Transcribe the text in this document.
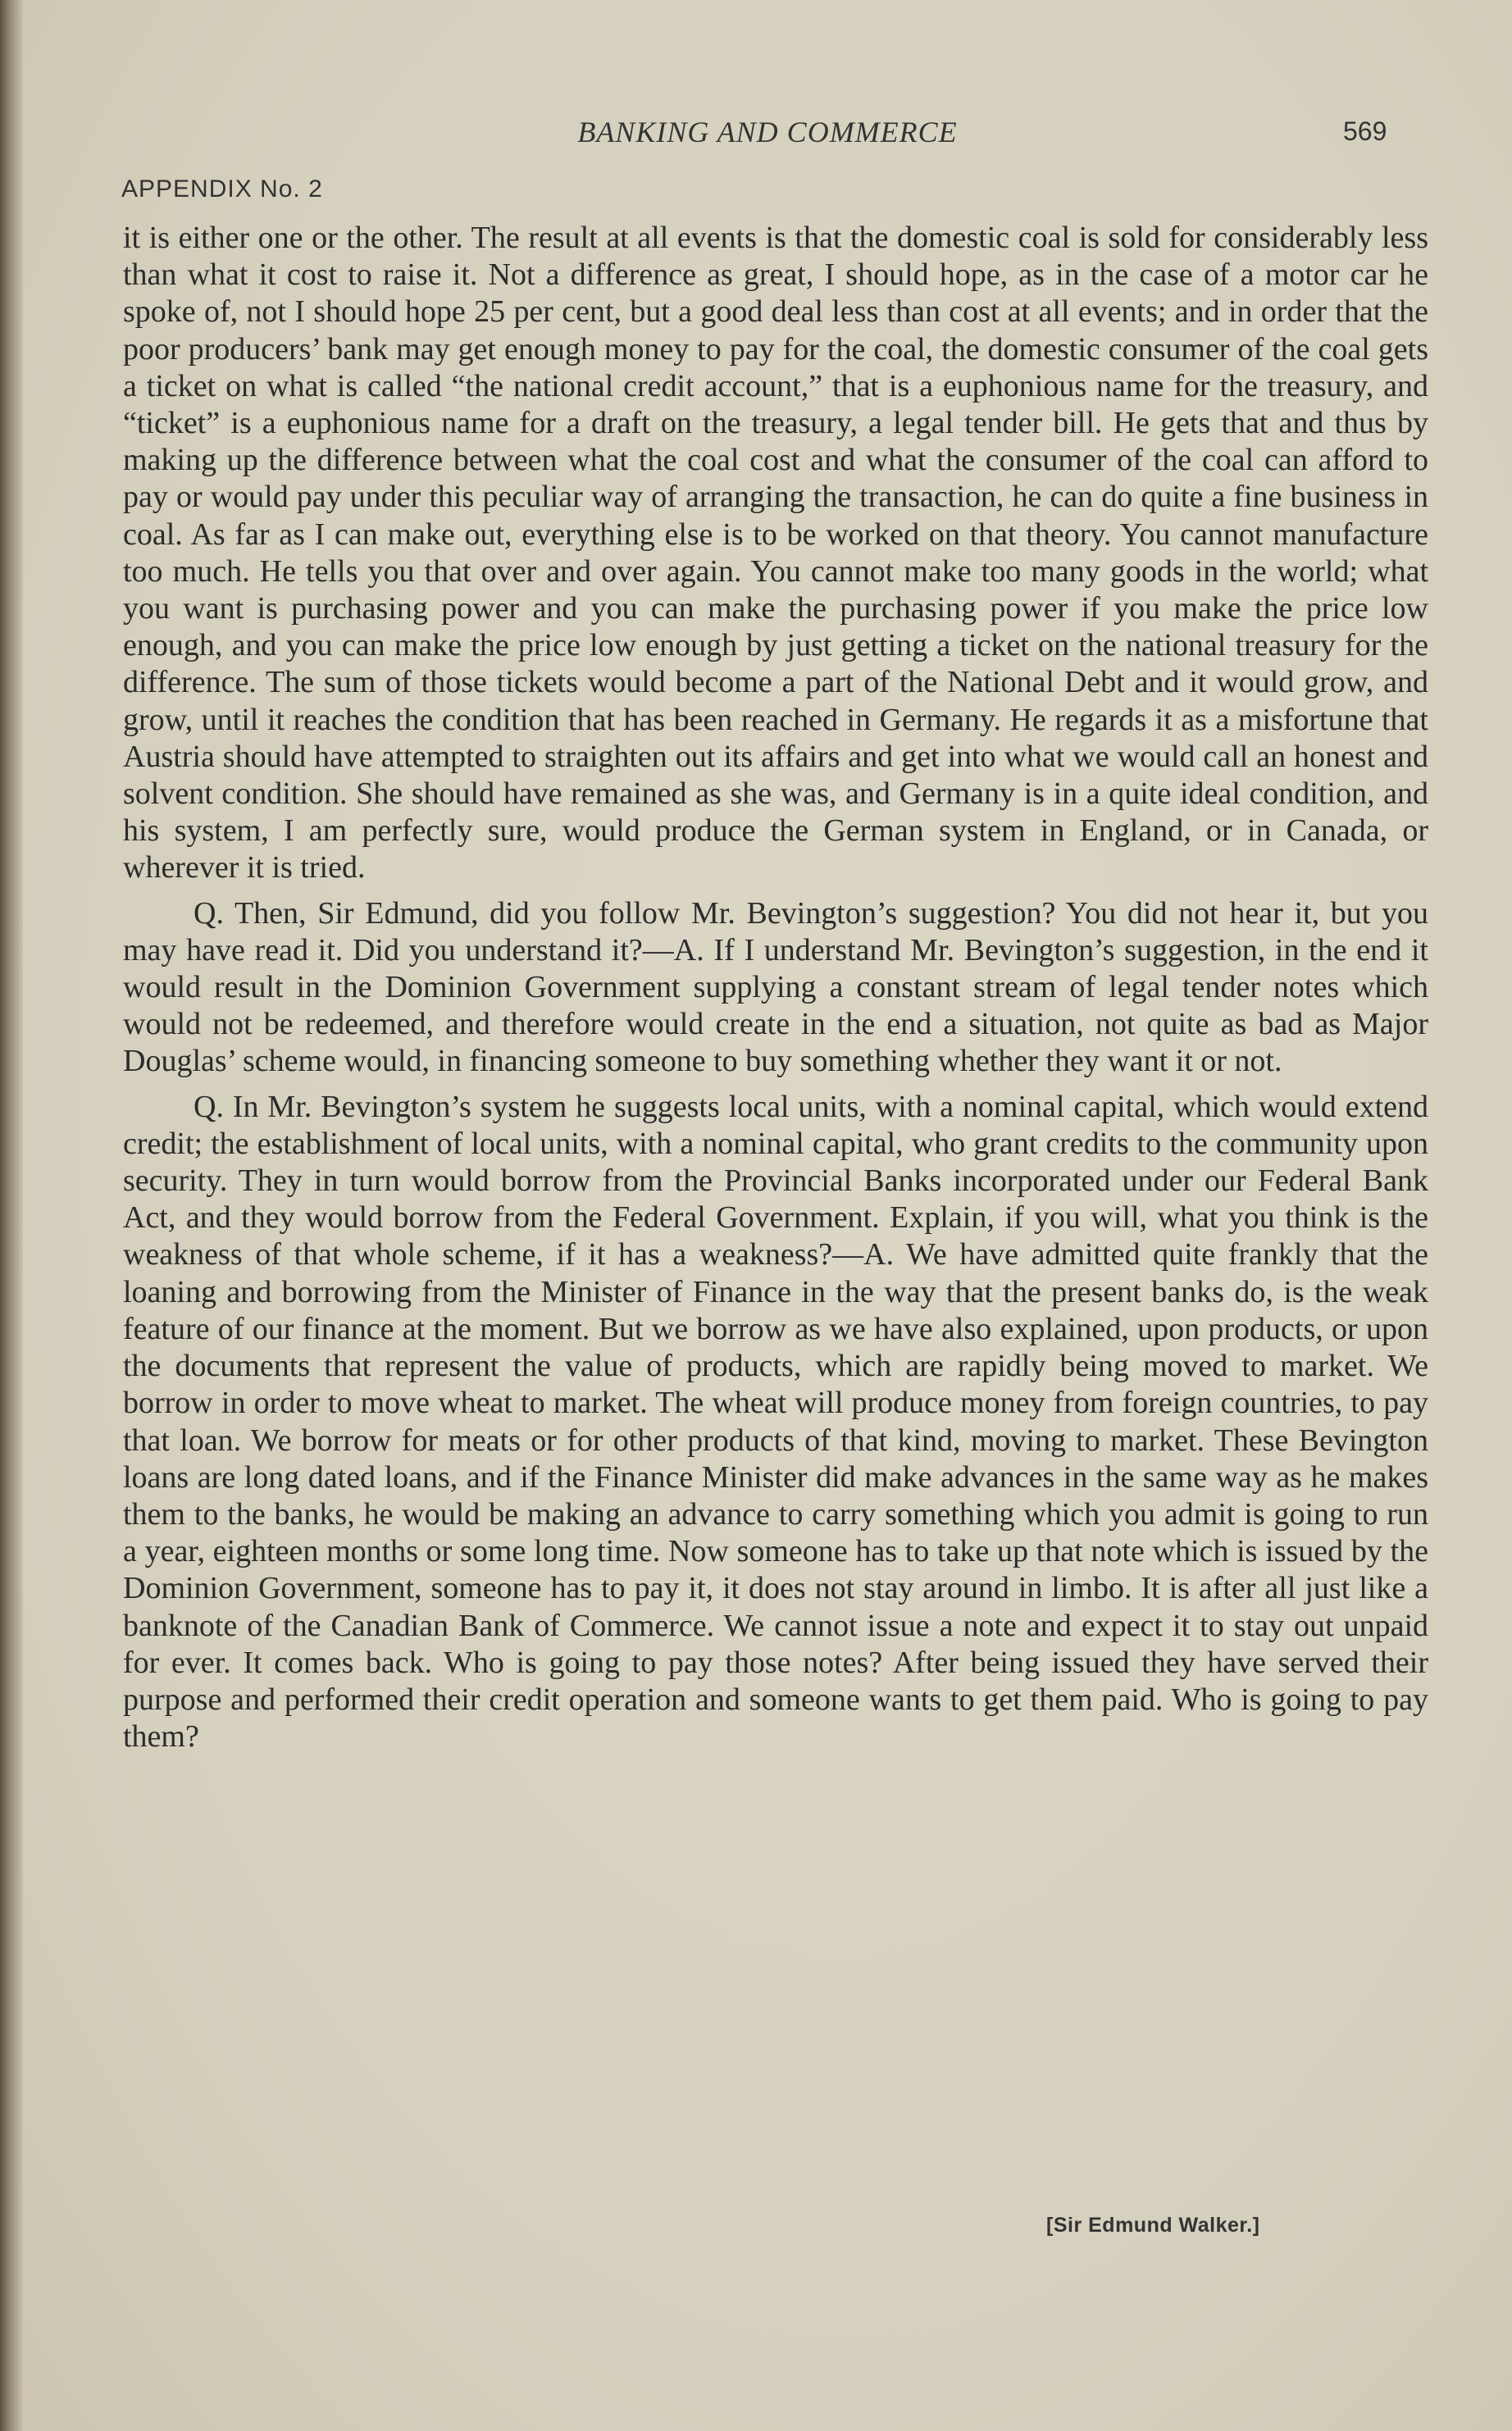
BANKING AND COMMERCE	569
APPENDIX No. 2

it is either one or the other. The result at all events is that the domestic coal is sold for considerably less than what it cost to raise it. Not a difference as great, I should hope, as in the case of a motor car he spoke of, not I should hope 25 per cent, but a good deal less than cost at all events; and in order that the poor producers’ bank may get enough money to pay for the coal, the domestic consumer of the coal gets a ticket on what is called “the national credit account,” that is a euphonious name for the treasury, and “ticket” is a euphonious name for a draft on the treasury, a legal tender bill. He gets that and thus by making up the difference between what the coal cost and what the consumer of the coal can afford to pay or would pay under this peculiar way of arranging the transaction, he can do quite a fine business in coal. As far as I can make out, everything else is to be worked on that theory. You cannot manufacture too much. He tells you that over and over again. You cannot make too many goods in the world; what you want is purchasing power and you can make the purchasing power if you make the price low enough, and you can make the price low enough by just getting a ticket on the national treasury for the difference. The sum of those tickets would become a part of the National Debt and it would grow, and grow, until it reaches the condition that has been reached in Germany. He regards it as a misfortune that Austria should have attempted to straighten out its affairs and get into what we would call an honest and solvent condition. She should have remained as she was, and Germany is in a quite ideal condition, and his system, I am perfectly sure, would produce the German system in England, or in Canada, or wherever it is tried.

Q. Then, Sir Edmund, did you follow Mr. Bevington’s suggestion? You did not hear it, but you may have read it. Did you understand it?—A. If I understand Mr. Bevington’s suggestion, in the end it would result in the Dominion Government supplying a constant stream of legal tender notes which would not be redeemed, and therefore would create in the end a situation, not quite as bad as Major Douglas’ scheme would, in financing someone to buy something whether they want it or not.

Q. In Mr. Bevington’s system he suggests local units, with a nominal capital, which would extend credit; the establishment of local units, with a nominal capital, who grant credits to the community upon security. They in turn would borrow from the Provincial Banks incorporated under our Federal Bank Act, and they would borrow from the Federal Government. Explain, if you will, what you think is the weakness of that whole scheme, if it has a weakness?—A. We have admitted quite frankly that the loaning and borrowing from the Minister of Finance in the way that the present banks do, is the weak feature of our finance at the moment. But we borrow as we have also explained, upon products, or upon the documents that represent the value of products, which are rapidly being moved to market. We borrow in order to move wheat to market. The wheat will produce money from foreign countries, to pay that loan. We borrow for meats or for other products of that kind, moving to market. These Bevington loans are long dated loans, and if the Finance Minister did make advances in the same way as he makes them to the banks, he would be making an advance to carry something which you admit is going to run a year, eighteen months or some long time. Now someone has to take up that note which is issued by the Dominion Government, someone has to pay it, it does not stay around in limbo. It is after all just like a banknote of the Canadian Bank of Commerce. We cannot issue a note and expect it to stay out unpaid for ever. It comes back. Who is going to pay those notes? After being issued they have served their purpose and performed their credit operation and someone wants to get them paid. Who is going to pay them?

[Sir Edmund Walker.]
